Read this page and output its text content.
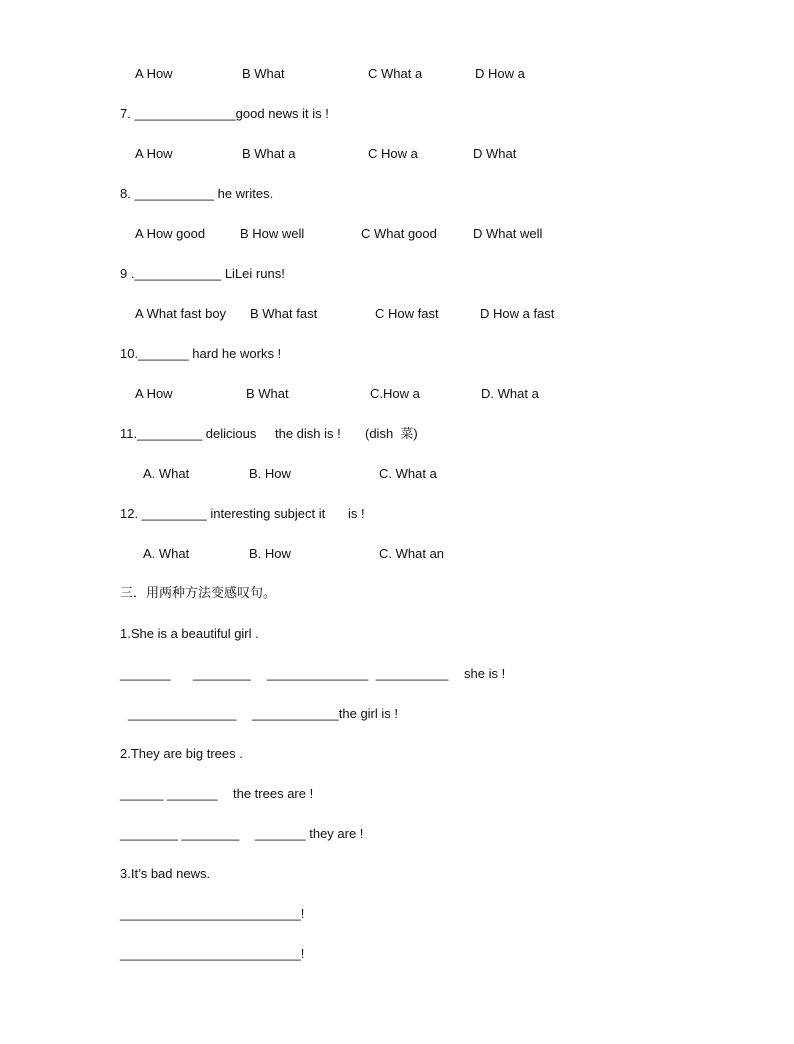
A How	B What	C What a	D How a
7. ______________good news it is !
A How	B What a	C How a	D What
8. ___________ he writes.
A How good	B How well	C What good	D What well
9 .____________ LiLei runs!
A What fast boy B What fast	C How fast	D How a fast
10._______ hard he works !
A How	B What	C.How a	D. What a
11._________ delicious the dish is ! (dish  菜)
A. What	B. How	C. What a
12. _________ interesting subject it is !
A. What	B. How	C. What an
三．用两种方法变感叹句。
1.She is a beautiful girl .
_______ ________ ______________ __________ she is !
_______________ ____________the girl is !
2.They are big trees .
______ _______ the trees are !
________ ________ _______ they are !
3.It’s bad news.
_________________________!
_________________________!
